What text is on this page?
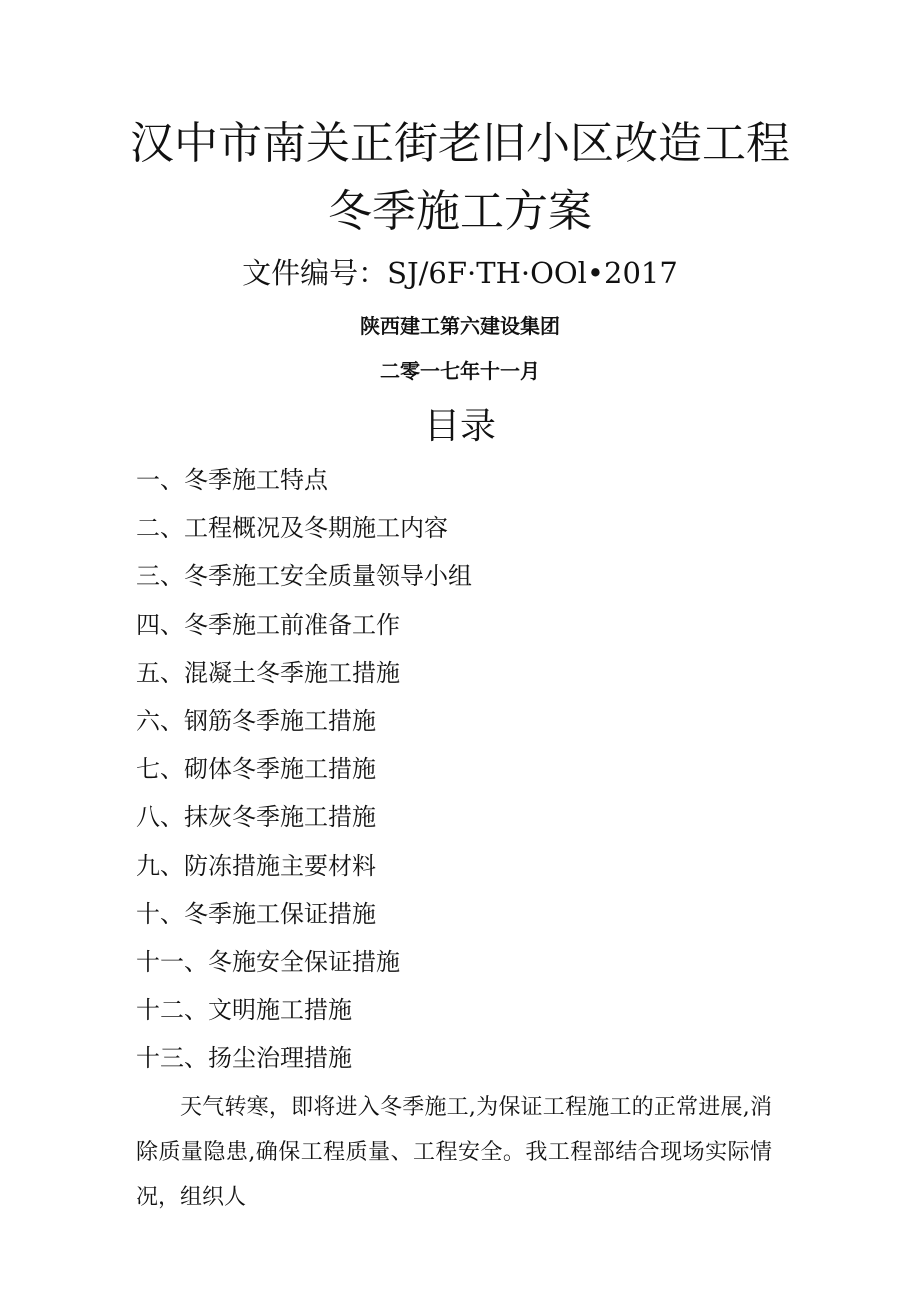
汉中市南关正街老旧小区改造工程
冬季施工方案
文件编号：SJ/6F·TH·OOl•2017
陕西建工第六建设集团
二零一七年十一月
目录
一、冬季施工特点
二、工程概况及冬期施工内容
三、冬季施工安全质量领导小组
四、冬季施工前准备工作
五、混凝土冬季施工措施
六、钢筋冬季施工措施
七、砌体冬季施工措施
八、抹灰冬季施工措施
九、防冻措施主要材料
十、冬季施工保证措施
十一、冬施安全保证措施
十二、文明施工措施
十三、扬尘治理措施

天气转寒，即将进入冬季施工,为保证工程施工的正常进展,消除质量隐患,确保工程质量、工程安全。我工程部结合现场实际情况，组织人
